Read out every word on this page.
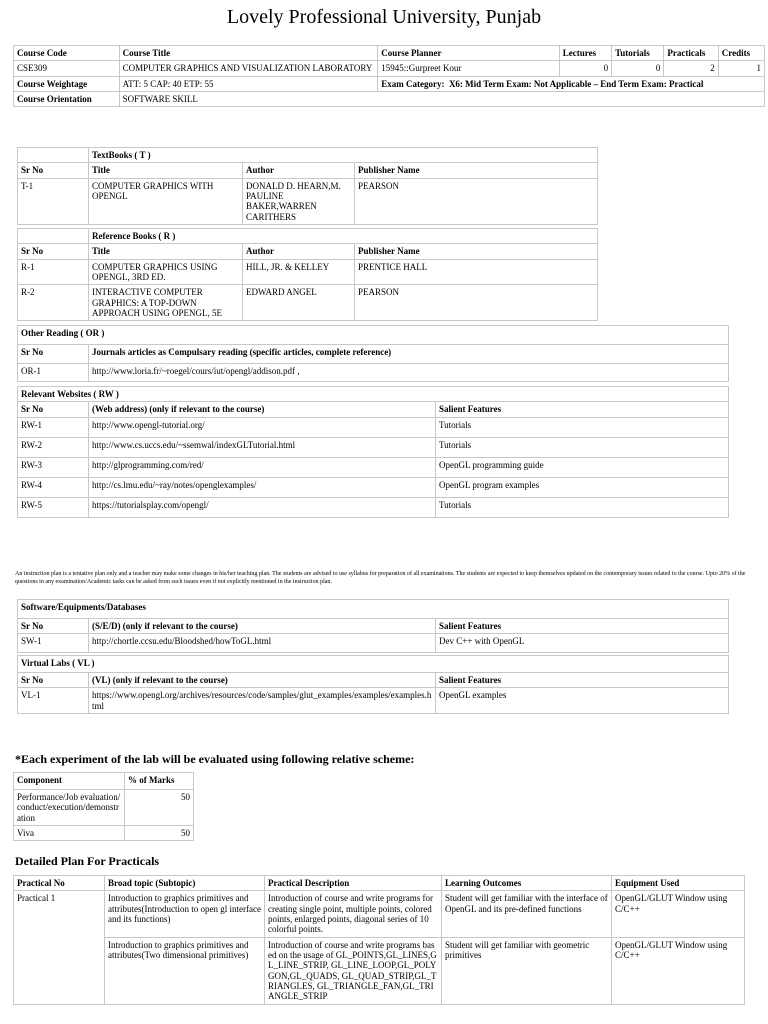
Lovely Professional University, Punjab
Course Code	Course Title	Course Planner	Lectures	Tutorials	Practicals	Credits
CSE309	COMPUTER GRAPHICS AND VISUALIZATION LABORATORY	15945::Gurpreet Kour	0	0	2	1
Course Weightage	ATT: 5 CAP: 40 ETP: 55	Exam Category: X6: Mid Term Exam: Not Applicable – End Term Exam: Practical				
Course Orientation	SOFTWARE SKILL					
	TextBooks ( T )		
Sr No	Title	Author	Publisher Name
T-1	COMPUTER GRAPHICS WITH OPENGL	DONALD D. HEARN,M. PAULINE BAKER,WARREN CARITHERS	PEARSON
	Reference Books ( R )		
Sr No	Title	Author	Publisher Name
R-1	COMPUTER GRAPHICS USING OPENGL, 3RD ED.	HILL, JR. & KELLEY	PRENTICE HALL
R-2	INTERACTIVE COMPUTER GRAPHICS: A TOP-DOWN APPROACH USING OPENGL, 5E	EDWARD ANGEL	PEARSON
Other Reading ( OR )	
Sr No	Journals articles as Compulsary reading (specific articles, complete reference)
OR-1	http://www.loria.fr/~roegel/cours/iut/opengl/addison.pdf ,
Relevant Websites ( RW )		
Sr No	(Web address) (only if relevant to the course)	Salient Features
RW-1	http://www.opengl-tutorial.org/	Tutorials
RW-2	http://www.cs.uccs.edu/~ssemwal/indexGLTutorial.html	Tutorials
RW-3	http://glprogramming.com/red/	OpenGL programming guide
RW-4	http://cs.lmu.edu/~ray/notes/openglexamples/	OpenGL program examples
RW-5	https://tutorialsplay.com/opengl/	Tutorials
An instruction plan is a tentative plan only and a teacher may make some changes in his/her teaching plan. The students are advised to use syllabus for preparation of all examinations. The students are expected to keep themselves updated on the contemporary issues related to the course. Upto 20% of the questions in any examination/Academic tasks can be asked from such issues even if not explicitly mentioned in the instruction plan.
Software/Equipments/Databases		
Sr No	(S/E/D) (only if relevant to the course)	Salient Features
SW-1	http://chortle.ccsu.edu/Bloodshed/howToGL.html	Dev C++ with OpenGL
Virtual Labs ( VL )		
Sr No	(VL) (only if relevant to the course)	Salient Features
VL-1	https://www.opengl.org/archives/resources/code/samples/glut_examples/examples/examples.html	OpenGL examples
*Each experiment of the lab will be evaluated using following relative scheme:
Component	% of Marks
Performance/Job evaluation/conduct/execution/demonstration	50
Viva	50
Detailed Plan For Practicals
Practical No	Broad topic (Subtopic)	Practical Description	Learning Outcomes	Equipment Used
Practical 1	Introduction to graphics primitives and attributes(Introduction to open gl interface and its functions)	Introduction of course and write programs for creating single point, multiple points, colored points, enlarged points, diagonal series of 10 colorful points.	Student will get familiar with the interface of OpenGL and its pre-defined functions	OpenGL/GLUT Window using C/C++
	Introduction to graphics primitives and attributes(Two dimensional primitives)	Introduction of course and write programs based on the usage of GL_POINTS,GL_LINES,GL_LINE_STRIP, GL_LINE_LOOP,GL_POLYGON,GL_QUADS, GL_QUAD_STRIP,GL_TRIANGLES, GL_TRIANGLE_FAN,GL_TRIANGLE_STRIP	Student will get familiar with geometric primitives	OpenGL/GLUT Window using C/C++
